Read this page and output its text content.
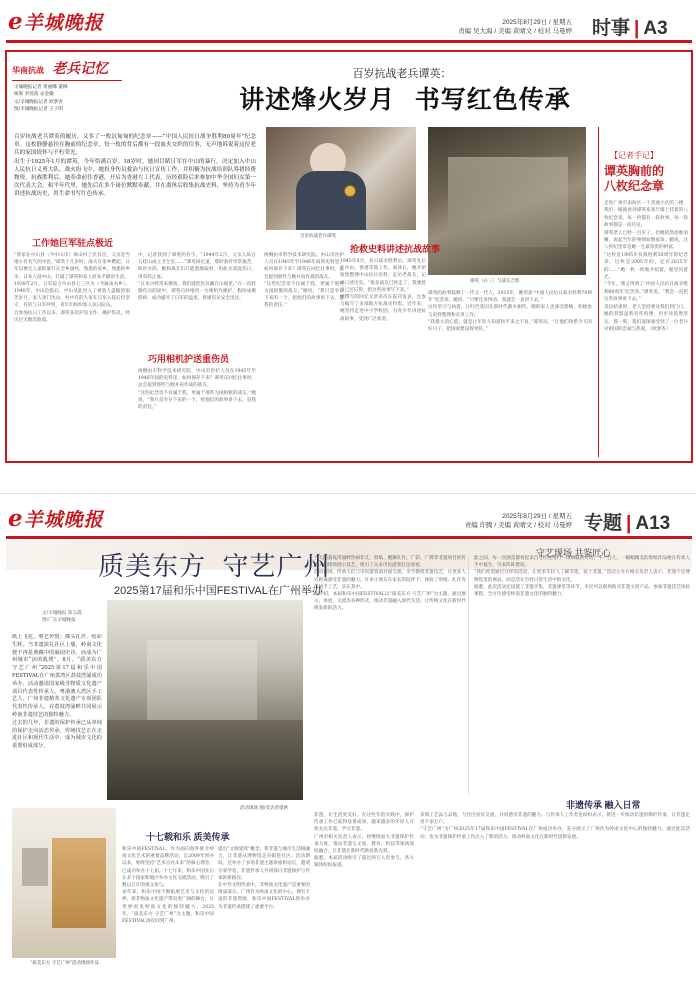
e羊城晚报	2025年8月29日 / 星期五
责编 吴大海 / 美编 黄晴文 / 校对 马曼婷 时事 | A3
华南抗战 老兵记忆
羊城晚报记者 黄丽娜 董柳
统筹 李茜茜 宋金娥
文/羊城晚报记者 欧梦杏
图/羊城晚报记者 王子明
百岁抗战老兵谭英：
讲述烽火岁月  书写红色传承
百岁抗战老兵谭英的履历，又多了一枚沉甸甸的纪念章——“中国人民抗日战争胜利80周年”纪念章。这枚静静悬挂在胸前的纪念章，每一枚的背后都有一段血火交织的往事，无声地诉说着这位老兵的家国情怀与不朽荣光。
出生于1925年1月的谭英，今年恰满百岁。18岁时，她因目睹日军在中山的暴行，决定加入中山人民抗日义勇大队，战火纷飞中，她投身伤员救治与抗日宣传工作，并积极为抗战培训队筹措经费物资。抗战胜利后，她奉命前往香港，开启为香港左工代表，历经艰险后来参加中华全国妇女第一次代表大会。和平年代里，她先后在多个岗位默默奉献，并在离休后收集抗战史料，坚持为青少年讲述抗战历史，用生命书写红色传承。
百岁抗战老兵谭英
谭英（右三）与战友合影
【记者手记】
谭英胸前的
八枚纪念章
走进广州市南海区一个普通小区的三楼，我们一眼就看到谭英家客厅墙上挂着的八枚纪念章。每一枚都有一段故事，每一段故事都是一段历史。
谭英老人已经一百岁了，但她依然思维清晰，说起当年的事情如数家珍。她说，这八枚纪念章是她一生最珍贵的财富。
“这枚是1995年抗战胜利50周年的纪念章，这枚是2005年的，还有2015年的……”她一枚一枚地介绍着，眼里闪着光。
“今年，我又得到了‘中国人民抗日战争胜利80周年’纪念章。”谭英说，“我会一直把这些故事讲下去。”
采访结束时，老人坚持要送我们到门口。她的背影虽然有些佝偻，但步伐依然坚定。那一刻，我们深深感受到了一位老兵对祖国的忠诚与热爱。（欧梦杏）
工作她巨军驻点极近
巧用相机护送重伤员
抢救史料讲述抗战故事
“我家在中山县（今中山市）翠山村了民有出，父亲是当地小有名气的中医。”谭英十几岁时，战火在家乡燃起，日军以惨无人道的暴行在全乡屠村，熟悉的家乡，熟悉的乡亲，日本人侵中山，打破了谭英和家人原本平静的生活。
1938年2月，日军侵占中山县七三区为（今属南水乡）。1940年，中山沦陷后，中山从此进入了被敌人盘踞的艰苦岁月。家人顶门出山，村中有的人家在日军入侵后仍坚守，有的与日军冲突，青年们纷纷加入抗日队伍。
自参加抗日工作以来，谭英多次护送文件、掩护伤员，经历过无数次险境。
中，记者找到了谭英的名字。“1944年2月，父亲入队在五桂山成立卫生室……”谭英回忆道，那时条件异常艰苦，缺医少药，她和战友们只能就地取材，用盐水清洗伤口，用草药止血。
“日本兵经常来搜查，我们就把伤员藏在山洞里。”在一次转移伤员的途中，谭英巧妙地用一台相机作掩护，假扮成摄影师，成功避开了日军的盘查，将重伤员安全送达。
两侧由市科学技术研究院、中山市医护人员在1945年至1946年间的史料里，如何保存下来？谭英在回忆往事时，总会提到那些与她并肩作战的战友。
“这些纪念章不仅属于我，更属于那些为国捐躯的战友。”她说，“我只是幸存下来的一个，把他们的故事讲下去，是我的责任。”
两侧由市科学技术研究院、中山市医护人员在1945年至1946年间的史料里，如何保存下来？谭英在回忆往事时，总会提到那些与她并肩作战的战友。
“这些纪念章不仅属于我，更属于那些为国捐躯的战友。”她说，“我只是幸存下来的一个，把他们的故事讲下去，是我的责任。”
1945年8月，抗日战争胜利后，谭英先后在中山、香港等地工作。离休后，她开始收集整理中山抗日史料，走访老战友，记录口述历史。“很多战友已经走了，我要趁自己还记得，把这些故事写下来。”
她撰写的回忆文章多次在报刊发表，还参与编写了多部地方抗战史料集。近年来，她坚持走进中小学校园，为青少年讲述抗战故事，受到广泛欢迎。
谭英的故事鼓舞了一代又一代人。2015年，她荣获“中国人民抗日战争胜利70周年”纪念章。她说：“只要还讲得动，我就会一直讲下去。”
这份坚守与执着，让红色基因在新时代薪火相传。她的家人也深受影响，积极参与史料整理和宣讲工作。
“我最大的心愿，就是让年轻人知道和平来之不易。”谭英说，“让他们珍惜今天的好日子，把国家建设得更好。”
e羊城晚报	2025年8月29日 / 星期五
责编 许腾 / 美编 黄晴文 / 校对 马曼婷 专题 | A13
守艺现场 共鉴匠心
质美东方  守艺广州
2025第17届和乐中国FESTIVAL在广州举办
文/羊城晚报 陈玉霞
图/广东羊城晚报
纸上飞花，剪艺传情；掷头扎作，绘彩生辉。当非遗演礼社区上墙，岭南文化便不再是典藏中的凝固史诗，而成为广州城市“活的肌理”。8月，“质美东方 守艺广州”2025第17届和乐中国FESTIVAL在广州荔湾区荔枝湾涌成功举办，活动邀请国家级非物质文化遗产项目代表性传承人、粤港澳大湾区手工艺人、广州非遗精英文化遗产专项团队代表性传承人，在荔枝湾涌畔共同展示岭南非遗技艺的独特魅力。
过去的几年，非遗的保护传承已从单纯的保护走向活态传承，传统技艺正在走进社区和现代生活中，成为城市文化的重要组成部分。
活动现场 图/受访者提供
当天的荔枝湾涌畔热闹非凡，剪纸、醒狮扎作、广彩、广绣等非遗项目的传承人们现场展示技艺，吸引了众多市民游客驻足观看。
活动现场，传承人们与市民游客面对面交流，亲手教授非遗技艺，让更多人近距离感受非遗的魅力。许多小朋友在家长的陪伴下，体验了剪纸、扎作等传统手工艺，乐在其中。
据介绍，本届和乐中国FESTIVAL以“质美东方 守艺广州”为主题，通过展示、体验、交流等多种形式，推动非遗融入现代生活，让传统文化在新时代焕发新的活力。
能之间，每一次展览都看起来自与红柱进行一场细腻的对话，不一会儿，一幅幅精美的剪纸作品便在传承人手中诞生，引来阵阵赞叹。
“我们希望通过这样的活动，让更多年轻人了解非遗、爱上非遗。”活动主办方相关负责人表示，非遗不是博物馆里的展品，而是活在百姓日常生活中的文化。
据悉，此次活动还设置了非遗市集、非遗课堂等环节，市民可以现场购买非遗文创产品，参加非遗技艺体验课程，全方位感受岭南非遗文化的独特魅力。
十七载和乐 质美传承
非遗传承 融入日常
“质美东方 守艺广州”活动现场作品
和乐中国FESTIVAL，作为面向海外推介岭南文化艺术的重要品牌活动，自2009年创办以来，始终坚持“艺术点亮未来”的核心理念，已成功举办十七届。十七年来，和乐中国先后在多个国家和地区举办文化交流活动，吸引了数以万计的观众参与。
多年来，和乐中国不断拓展艺术与文化的边界，将非物质文化遗产带向更广阔的舞台，让世界看见岭南文化的独特魅力。2025年，“质美东方 守艺广州”为主题，和乐中国FESTIVAL再次回到广州。
提出“文脉延续”概念，将非遗与城市生活相融合，让非遗从博物馆走向街巷社区。活动期间，还举办了多场非遗主题讲座和论坛，邀请专家学者、非遗传承人共同探讨非遗保护与传承的新路径。
在中华文明传承中，非物质文化遗产是重要的组成部分。广州作为岭南文化的中心，拥有丰富的非遗资源，和乐中国FESTIVAL的举办为非遗传承搭建了重要平台。
非遗，让生活更美好。在这些年的实践中，保护传承工作已取得显著成效，越来越多的年轻人开始关注非遗、学习非遗。
广州市相关负责人表示，将继续加大非遗保护传承力度，推动非遗与文旅、教育、科技等领域深度融合，让非遗在新时代焕发新光彩。
据悉，本届活动吸引了超过两万人次参与，各大媒体纷纷报道。
多领工艺品与品地，与社区居民交流，共同感受非遗的魅力。与传承人工作者也纷纷表示，将进一步推动非遗的保护传承，让非遗走进千家万户。
“守艺广州”为广州2025年17届和乐中国FESTIVAL在广州成功举办，充分展示了广州作为岭南文化中心的独特魅力。通过此次活动，也为非遗保护传承工作注入了新的活力，推动岭南文化在新时代创新发展。
